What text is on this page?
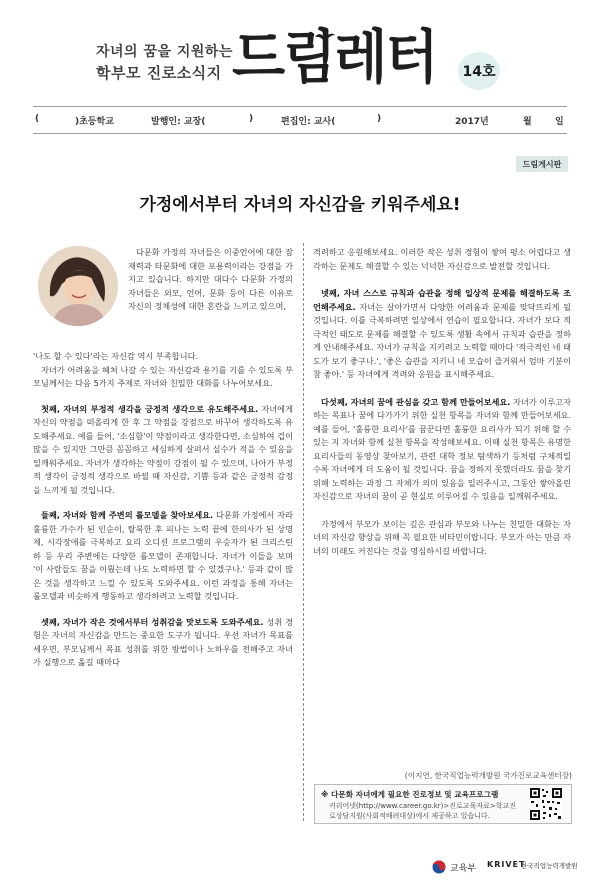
자녀의 꿈을 지원하는
학부모 진로소식지 드림레터	14호
(	)초등학교	발행인: 교장(	)	편집인: 교사(	)	2017년	월	일
드림게시판
가정에서부터 자녀의 자신감을 키워주세요!

다문화 가정의 자녀들은 이중언어에 대한 잠재력과 타문화에 대한 포용력이라는 강점을 가지고 있습니다. 하지만 대다수 다문화 가정의 자녀들은 외모, 언어, 문화 등이 다른 이유로 자신의 정체성에 대한 혼란을 느끼고 있으며,

'나도 할 수 있다'라는 자신감 역시 부족합니다.

자녀가 어려움을 헤쳐 나갈 수 있는 자신감과 용기를 기를 수 있도록 부모님께서는 다음 5가지 주제로 자녀와 친밀한 대화를 나누어보세요.

첫째, 자녀의 부정적 생각을 긍정적 생각으로 유도해주세요. 자녀에게 자신의 약점을 떠올리게 한 후 그 약점을 강점으로 바꾸어 생각하도록 유도해주세요. 예를 들어, '소심함'이 약점이라고 생각한다면, 소심하여 겁이 많을 수 있지만 그만큼 꼼꼼하고 세심하게 살펴서 실수가 적을 수 있음을 일깨워주세요. 자녀가 생각하는 약점이 강점이 될 수 있으며, 나아가 부정적 생각이 긍정적 생각으로 바뀔 때 자신감, 기쁨 등과 같은 긍정적 감정을 느끼게 될 것입니다.

둘째, 자녀와 함께 주변의 롤모델을 찾아보세요. 다문화 가정에서 자라 훌륭한 가수가 된 인순이, 탈북한 후 피나는 노력 끝에 한의사가 된 상명제, 시각장애를 극복하고 요리 오디션 프로그램의 우승자가 된 크리스틴 하 등 우리 주변에는 다양한 롤모델이 존재합니다. 자녀가 이들을 보며 '이 사람들도 꿈을 이뤘는데 나도 노력하면 할 수 있겠구나.' 등과 같이 많은 것을 생각하고 느낄 수 있도록 도와주세요. 이런 과정을 통해 자녀는 롤모델과 비슷하게 행동하고 생각하려고 노력할 것입니다.

셋째, 자녀가 작은 것에서부터 성취감을 맛보도록 도와주세요. 성취 경험은 자녀의 자신감을 만드는 중요한 도구가 됩니다. 우선 자녀가 목표를 세우면, 부모님께서 목표 성취를 위한 방법이나 노하우를 전해주고 자녀가 실행으로 옮길 때마다

격려하고 응원해보세요. 이러한 작은 성취 경험이 쌓여 평소 어렵다고 생각하는 문제도 해결할 수 있는 넉넉한 자신감으로 발전할 것입니다.

넷째, 자녀 스스로 규칙과 습관을 정해 일상적 문제를 해결하도록 조언해주세요. 자녀는 살아가면서 다양한 어려움과 문제를 맞닥뜨리게 될 것입니다. 이를 극복하려면 일상에서 연습이 필요합니다. 자녀가 보다 적극적인 태도로 문제를 해결할 수 있도록 생활 속에서 규칙과 습관을 정하게 안내해주세요. 자녀가 규칙을 지키려고 노력할 때마다 '적극적인 네 태도가 보기 좋구나.', '좋은 습관을 지키니 네 모습이 즐거워서 엄마 기분이 참 좋아.' 등 자녀에게 격려와 응원을 표시해주세요.

다섯째, 자녀의 꿈에 관심을 갖고 함께 만들어보세요. 자녀가 이루고자 하는 목표나 꿈에 다가가기 위한 실천 항목을 자녀와 함께 만들어보세요. 예를 들어, '훌륭한 요리사'를 꿈꾼다면 훌륭한 요리사가 되기 위해 할 수 있는 지 자녀와 함께 실천 항목을 작성해보세요. 이때 실천 항목은 유명한 요리사들의 동영상 찾아보기, 관련 대학 정보 탐색하기 등처럼 구체적일수록 자녀에게 더 도움이 될 것입니다. 꿈을 정하지 못했더라도 꿈을 찾기 위해 노력하는 과정 그 자체가 의미 있음을 일러주시고, 그동안 쌓아올린 자신감으로 자녀의 꿈이 곧 현실로 이루어질 수 있음을 일깨워주세요.

가정에서 부모가 보이는 깊은 관심과 부모와 나누는 친밀한 대화는 자녀의 자신감 향상을 위해 꼭 필요한 비타민이랍니다. 부모가 아는 만큼 자녀의 미래도 커진다는 것을 명심하시길 바랍니다.

(이지연, 한국직업능력개발원 국가진로교육센터장)
※ 다문화 자녀에게 필요한 진로정보 및 교육프로그램
커리어넷(http://www.career.go.kr)>진로교육자료>학교진로상담지원(사회적배려대상)에서 제공하고 있습니다.
교육부 KRIVET
한국직업능력개발원
